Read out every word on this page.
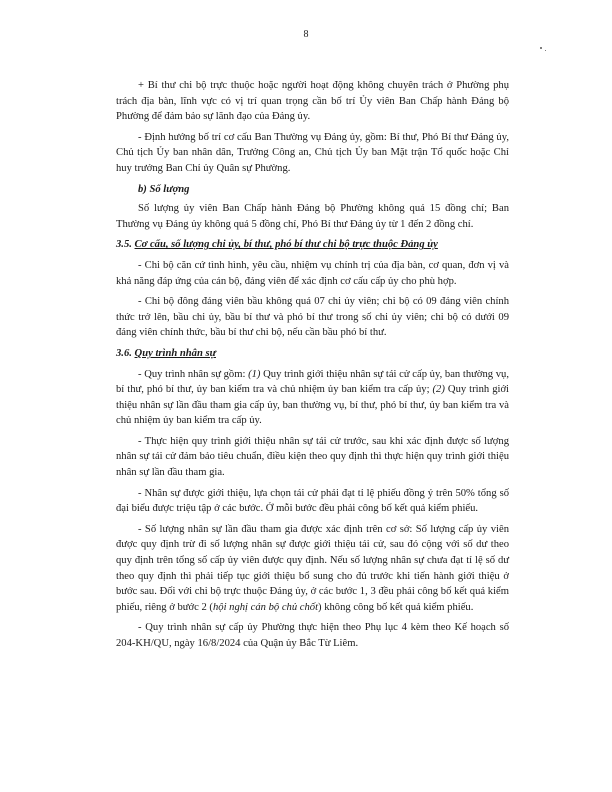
8

+ Bí thư chi bộ trực thuộc hoặc người hoạt động không chuyên trách ở Phường phụ trách địa bàn, lĩnh vực có vị trí quan trọng cần bố trí Ủy viên Ban Chấp hành Đảng bộ Phường để đảm bảo sự lãnh đạo của Đảng ủy.

- Định hướng bố trí cơ cấu Ban Thường vụ Đảng ủy, gồm: Bí thư, Phó Bí thư Đảng ủy, Chủ tịch Ủy ban nhân dân, Trưởng Công an, Chủ tịch Ủy ban Mặt trận Tổ quốc hoặc Chỉ huy trưởng Ban Chỉ ủy Quân sự Phường.

b) Số lượng

Số lượng ủy viên Ban Chấp hành Đảng bộ Phường không quá 15 đồng chí; Ban Thường vụ Đảng ủy không quá 5 đồng chí, Phó Bí thư Đảng ủy từ 1 đến 2 đồng chí.

3.5. Cơ cấu, số lượng chi ủy, bí thư, phó bí thư chi bộ trực thuộc Đảng ủy

- Chi bộ căn cứ tình hình, yêu cầu, nhiệm vụ chính trị của địa bàn, cơ quan, đơn vị và khả năng đáp ứng của cán bộ, đảng viên để xác định cơ cấu cấp ủy cho phù hợp.

- Chi bộ đông đảng viên bầu không quá 07 chi ủy viên; chi bộ có 09 đảng viên chính thức trở lên, bầu chi ủy, bầu bí thư và phó bí thư trong số chi ủy viên; chi bộ có dưới 09 đảng viên chính thức, bầu bí thư chi bộ, nếu cần bầu phó bí thư.

3.6. Quy trình nhân sự

- Quy trình nhân sự gồm: (1) Quy trình giới thiệu nhân sự tái cử cấp ủy, ban thường vụ, bí thư, phó bí thư, ủy ban kiểm tra và chủ nhiệm ủy ban kiểm tra cấp ủy; (2) Quy trình giới thiệu nhân sự lần đầu tham gia cấp ủy, ban thường vụ, bí thư, phó bí thư, ủy ban kiểm tra và chủ nhiệm ủy ban kiểm tra cấp ủy.

- Thực hiện quy trình giới thiệu nhân sự tái cử trước, sau khi xác định được số lượng nhân sự tái cử đảm bảo tiêu chuẩn, điều kiện theo quy định thì thực hiện quy trình giới thiệu nhân sự lần đầu tham gia.

- Nhân sự được giới thiệu, lựa chọn tái cử phải đạt tỉ lệ phiếu đồng ý trên 50% tổng số đại biểu được triệu tập ở các bước. Ở mỗi bước đều phải công bố kết quả kiểm phiếu.

- Số lượng nhân sự lần đầu tham gia được xác định trên cơ sở: Số lượng cấp ủy viên được quy định trừ đi số lượng nhân sự được giới thiệu tái cử, sau đó cộng với số dư theo quy định trên tổng số cấp ủy viên được quy định. Nếu số lượng nhân sự chưa đạt tỉ lệ số dư theo quy định thì phải tiếp tục giới thiệu bổ sung cho đủ trước khi tiến hành giới thiệu ở bước sau. Đối với chi bộ trực thuộc Đảng ủy, ở các bước 1, 3 đều phải công bố kết quả kiểm phiếu, riêng ở bước 2 (hội nghị cán bộ chủ chốt) không công bố kết quả kiểm phiếu.

- Quy trình nhân sự cấp ủy Phường thực hiện theo Phụ lục 4 kèm theo Kế hoạch số 204-KH/QU, ngày 16/8/2024 của Quận ủy Bắc Từ Liêm.
